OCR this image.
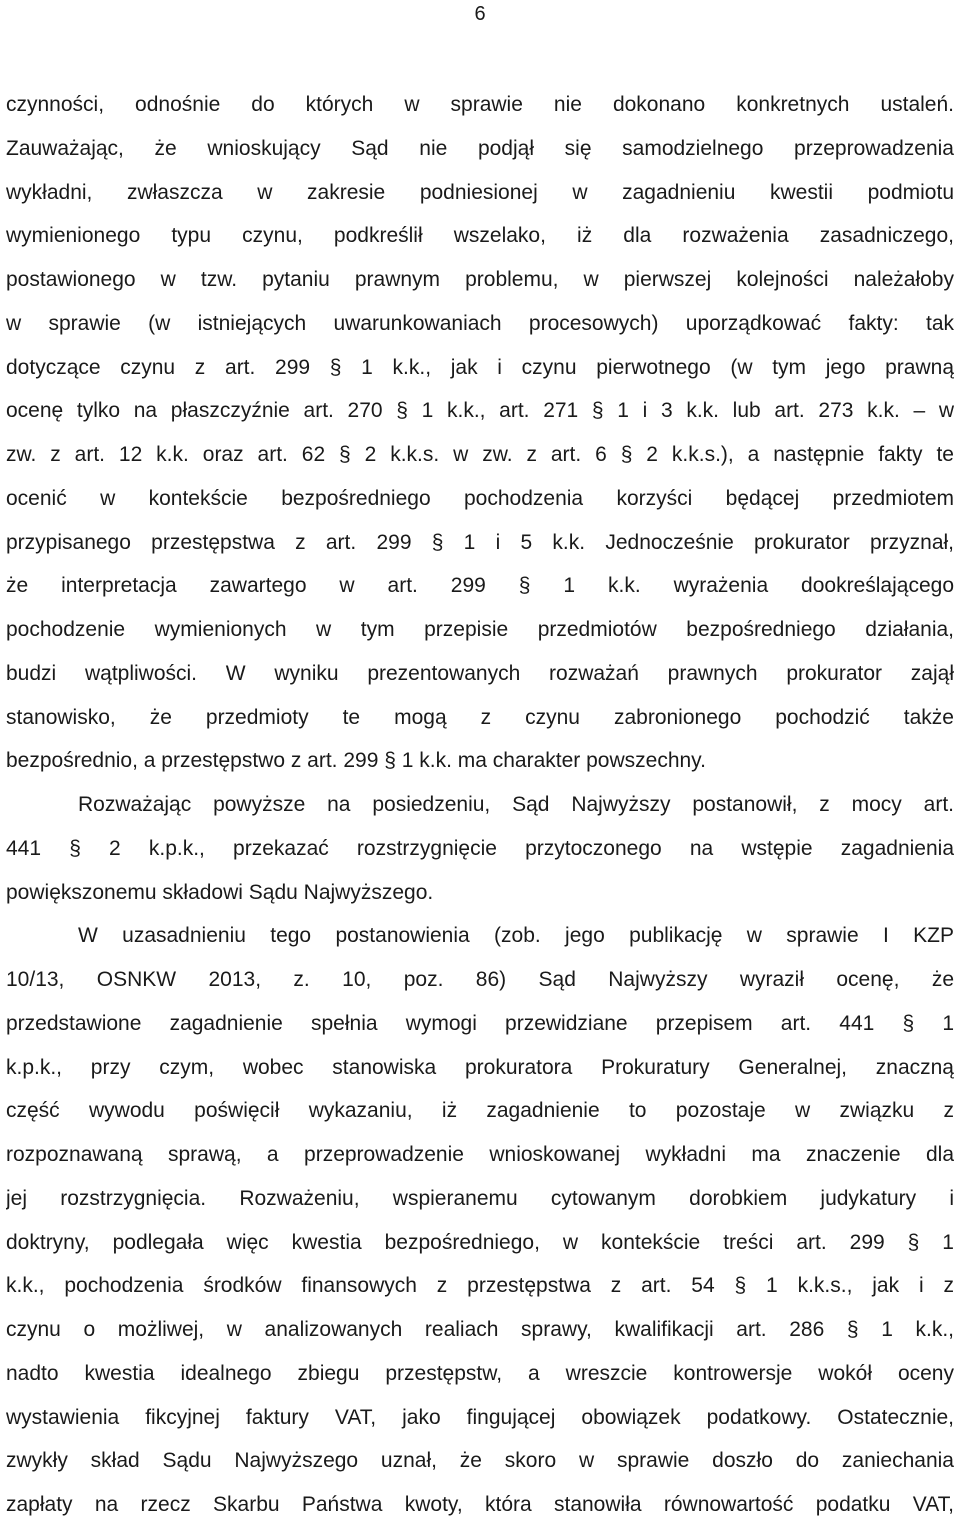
6
czynności, odnośnie do których w sprawie nie dokonano konkretnych ustaleń.
Zauważając, że wnioskujący Sąd nie podjął się samodzielnego przeprowadzenia
wykładni, zwłaszcza w zakresie podniesionej w zagadnieniu kwestii podmiotu
wymienionego typu czynu, podkreślił wszelako, iż dla rozważenia zasadniczego,
postawionego w tzw. pytaniu prawnym problemu, w pierwszej kolejności należałoby
w sprawie (w istniejących uwarunkowaniach procesowych) uporządkować fakty: tak
dotyczące czynu z art. 299 § 1 k.k., jak i czynu pierwotnego (w tym jego prawną
ocenę tylko na płaszczyźnie art. 270 § 1 k.k., art. 271 § 1 i 3 k.k. lub art. 273 k.k. – w
zw. z art. 12 k.k. oraz art. 62 § 2 k.k.s. w zw. z art. 6 § 2 k.k.s.), a następnie fakty te
ocenić w kontekście bezpośredniego pochodzenia korzyści będącej przedmiotem
przypisanego przestępstwa z art. 299 § 1 i 5 k.k. Jednocześnie prokurator przyznał,
że interpretacja zawartego w art. 299 § 1 k.k. wyrażenia dookreślającego
pochodzenie wymienionych w tym przepisie przedmiotów bezpośredniego działania,
budzi wątpliwości. W wyniku prezentowanych rozważań prawnych prokurator zajął
stanowisko, że przedmioty te mogą z czynu zabronionego pochodzić także
bezpośrednio, a przestępstwo z art. 299 § 1 k.k. ma charakter powszechny.
Rozważając powyższe na posiedzeniu, Sąd Najwyższy postanowił, z mocy art.
441 § 2 k.p.k., przekazać rozstrzygnięcie przytoczonego na wstępie zagadnienia
powiększonemu składowi Sądu Najwyższego.
W uzasadnieniu tego postanowienia (zob. jego publikację w sprawie I KZP
10/13, OSNKW 2013, z. 10, poz. 86) Sąd Najwyższy wyraził ocenę, że
przedstawione zagadnienie spełnia wymogi przewidziane przepisem art. 441 § 1
k.p.k., przy czym, wobec stanowiska prokuratora Prokuratury Generalnej, znaczną
część wywodu poświęcił wykazaniu, iż zagadnienie to pozostaje w związku z
rozpoznawaną sprawą, a przeprowadzenie wnioskowanej wykładni ma znaczenie dla
jej rozstrzygnięcia. Rozważeniu, wspieranemu cytowanym dorobkiem judykatury i
doktryny, podlegała więc kwestia bezpośredniego, w kontekście treści art. 299 § 1
k.k., pochodzenia środków finansowych z przestępstwa z art. 54 § 1 k.k.s., jak i z
czynu o możliwej, w analizowanych realiach sprawy, kwalifikacji art. 286 § 1 k.k.,
nadto kwestia idealnego zbiegu przestępstw, a wreszcie kontrowersje wokół oceny
wystawienia fikcyjnej faktury VAT, jako fingującej obowiązek podatkowy. Ostatecznie,
zwykły skład Sądu Najwyższego uznał, że skoro w sprawie doszło do zaniechania
zapłaty na rzecz Skarbu Państwa kwoty, która stanowiła równowartość podatku VAT,
